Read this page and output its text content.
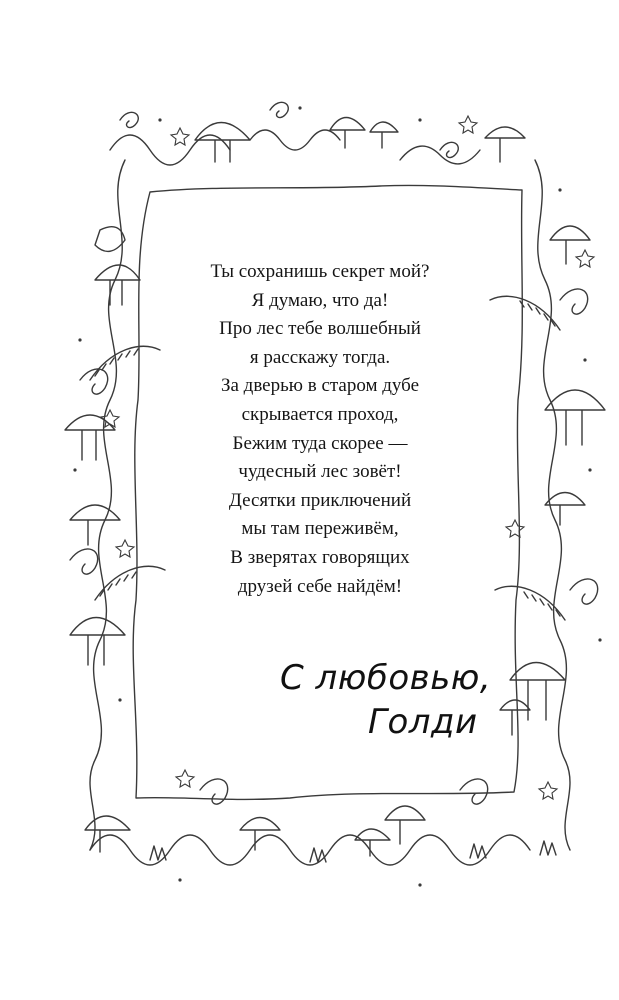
Ты сохранишь секрет мой?
Я думаю, что да!
Про лес тебе волшебный
я расскажу тогда.
За дверью в старом дубе
скрывается проход,
Бежим туда скорее —
чудесный лес зовёт!
Десятки приключений
мы там переживём,
В зверятах говорящих
друзей себе найдём!
С любовью,
Голди
